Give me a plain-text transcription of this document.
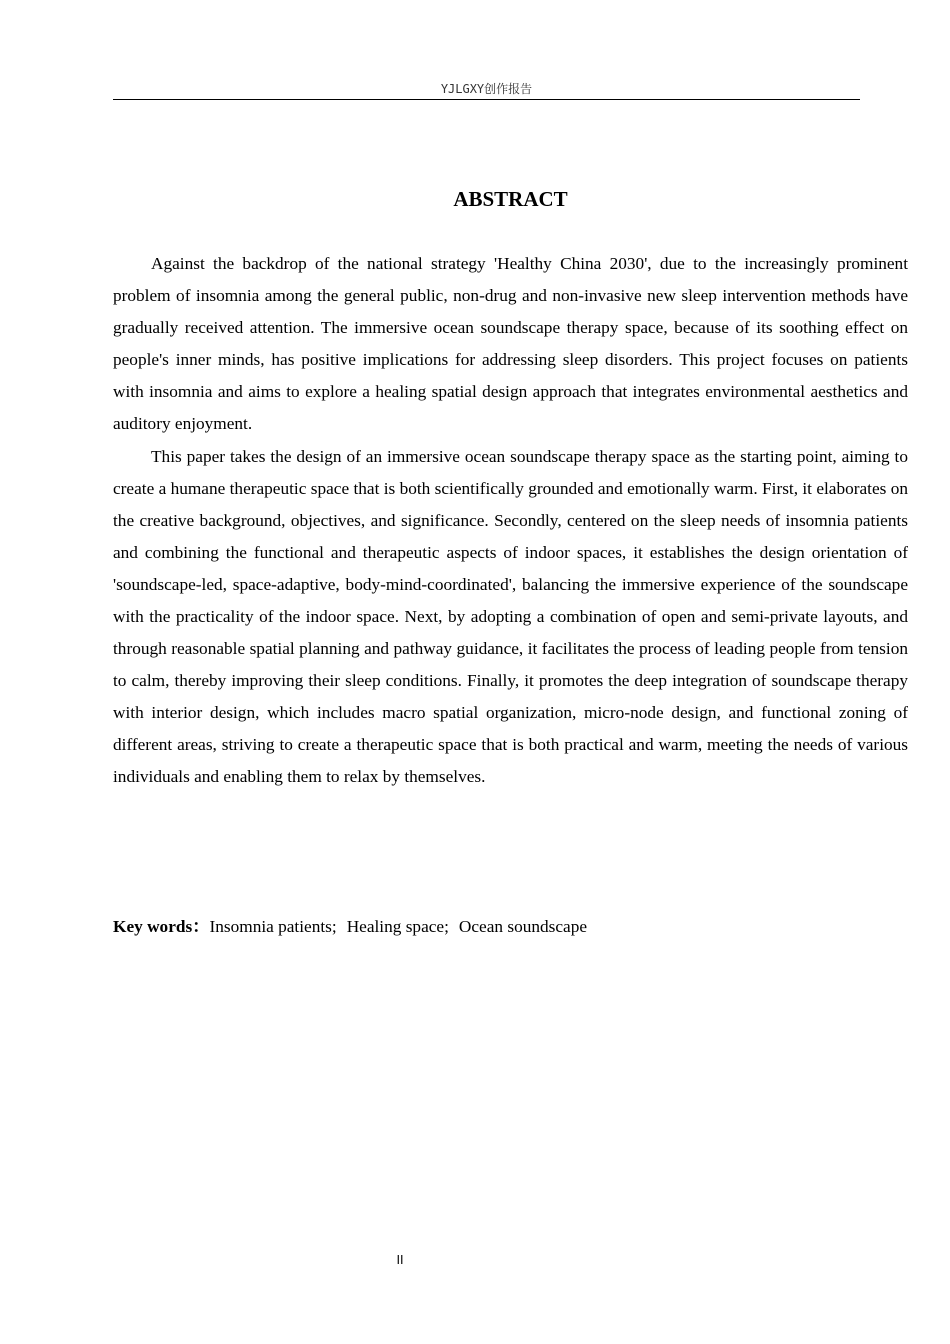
YJLGXY创作报告
ABSTRACT

Against the backdrop of the national strategy 'Healthy China 2030', due to the increasingly prominent problem of insomnia among the general public, non-drug and non-invasive new sleep intervention methods have gradually received attention. The immersive ocean soundscape therapy space, because of its soothing effect on people's inner minds, has positive implications for addressing sleep disorders. This project focuses on patients with insomnia and aims to explore a healing spatial design approach that integrates environmental aesthetics and auditory enjoyment.

This paper takes the design of an immersive ocean soundscape therapy space as the starting point, aiming to create a humane therapeutic space that is both scientifically grounded and emotionally warm. First, it elaborates on the creative background, objectives, and significance. Secondly, centered on the sleep needs of insomnia patients and combining the functional and therapeutic aspects of indoor spaces, it establishes the design orientation of 'soundscape-led, space-adaptive, body-mind-coordinated', balancing the immersive experience of the soundscape with the practicality of the indoor space. Next, by adopting a combination of open and semi-private layouts, and through reasonable spatial planning and pathway guidance, it facilitates the process of leading people from tension to calm, thereby improving their sleep conditions. Finally, it promotes the deep integration of soundscape therapy with interior design, which includes macro spatial organization, micro-node design, and functional zoning of different areas, striving to create a therapeutic space that is both practical and warm, meeting the needs of various individuals and enabling them to relax by themselves.

Key words：Insomnia patients; Healing space; Ocean soundscape
II
